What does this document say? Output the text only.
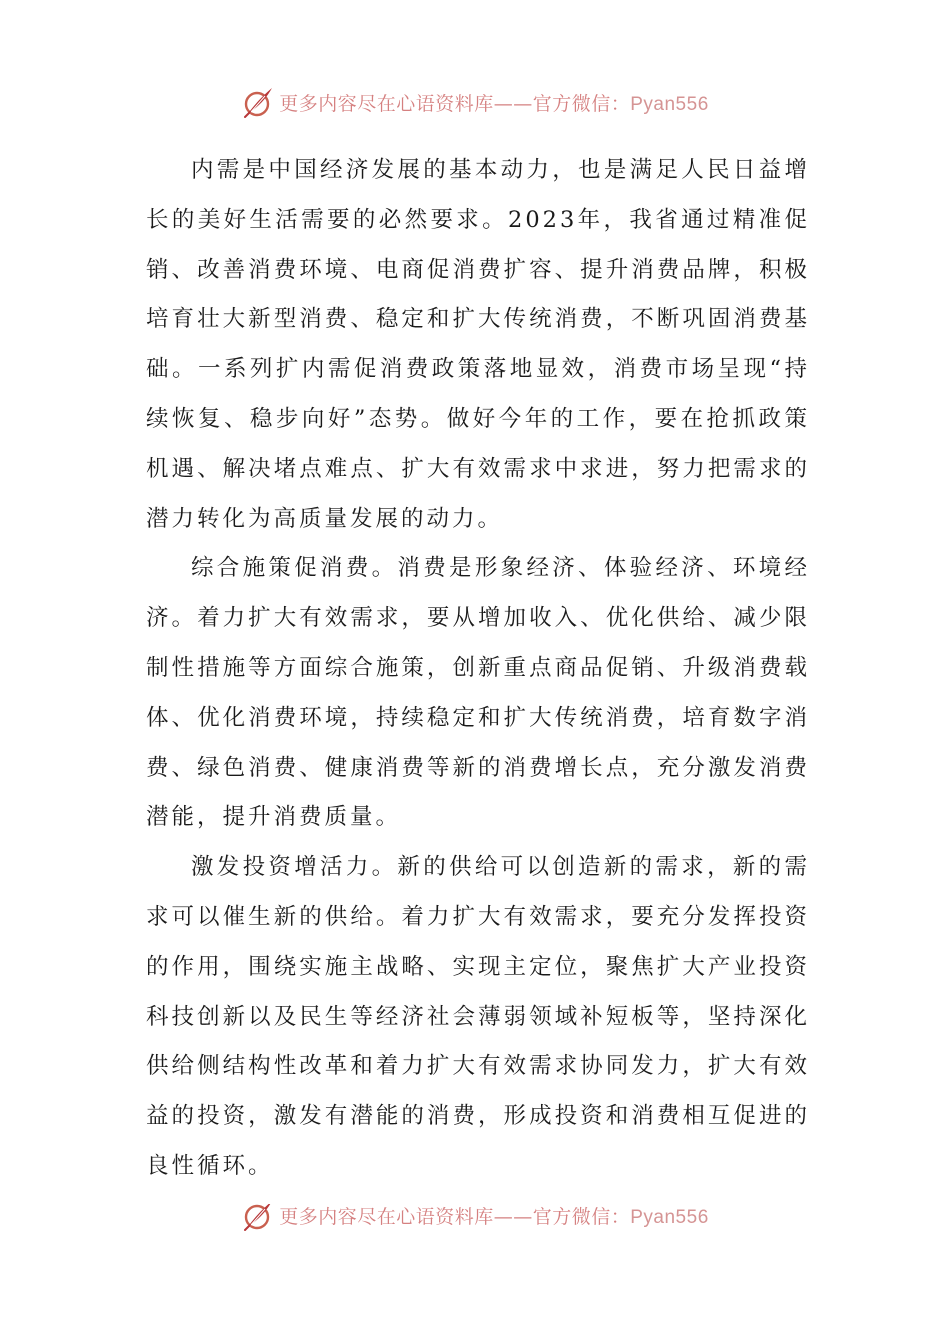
更多内容尽在心语资料库——官方微信：Pyan556

内需是中国经济发展的基本动力，也是满足人民日益增长的美好生活需要的必然要求。2023年，我省通过精准促销、改善消费环境、电商促消费扩容、提升消费品牌，积极培育壮大新型消费、稳定和扩大传统消费，不断巩固消费基础。一系列扩内需促消费政策落地显效，消费市场呈现“持续恢复、稳步向好”态势。做好今年的工作，要在抢抓政策机遇、解决堵点难点、扩大有效需求中求进，努力把需求的潜力转化为高质量发展的动力。

综合施策促消费。消费是形象经济、体验经济、环境经济。着力扩大有效需求，要从增加收入、优化供给、减少限制性措施等方面综合施策，创新重点商品促销、升级消费载体、优化消费环境，持续稳定和扩大传统消费，培育数字消费、绿色消费、健康消费等新的消费增长点，充分激发消费潜能，提升消费质量。

激发投资增活力。新的供给可以创造新的需求，新的需求可以催生新的供给。着力扩大有效需求，要充分发挥投资的作用，围绕实施主战略、实现主定位，聚焦扩大产业投资科技创新以及民生等经济社会薄弱领域补短板等，坚持深化供给侧结构性改革和着力扩大有效需求协同发力，扩大有效益的投资，激发有潜能的消费，形成投资和消费相互促进的良性循环。

更多内容尽在心语资料库——官方微信：Pyan556
